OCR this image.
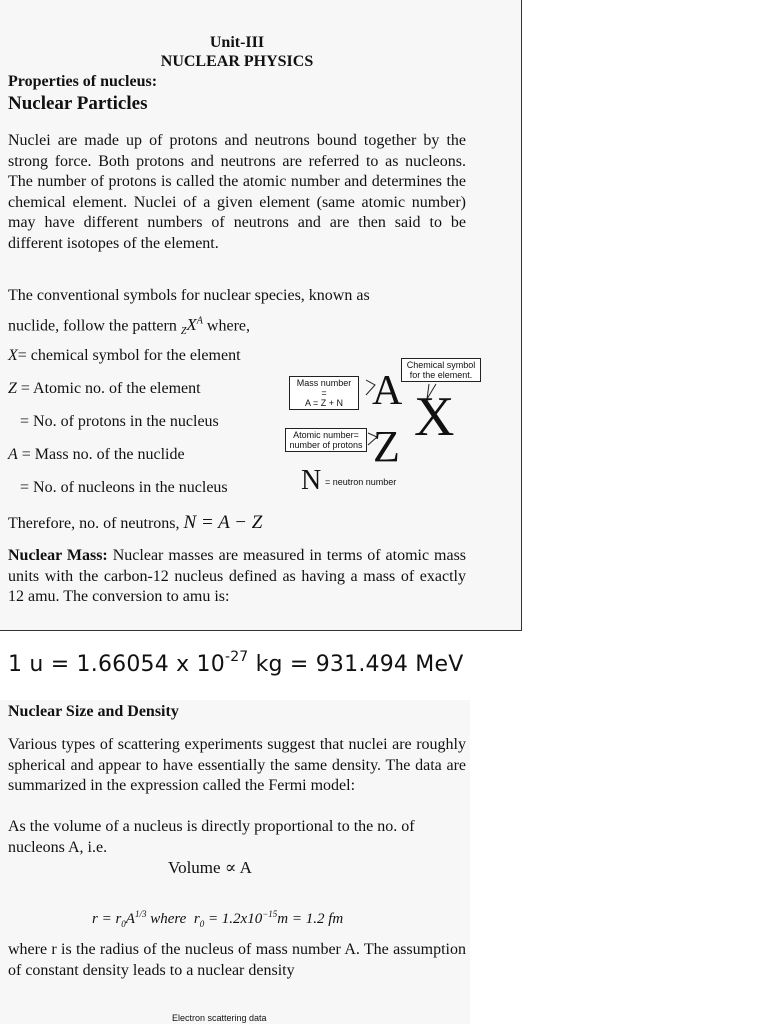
Unit-III
NUCLEAR PHYSICS
Properties of nucleus:
Nuclear Particles
Nuclei are made up of protons and neutrons bound together by the strong force. Both protons and neutrons are referred to as nucleons. The number of protons is called the atomic number and determines the chemical element. Nuclei of a given element (same atomic number) may have different numbers of neutrons and are then said to be different isotopes of the element.
The conventional symbols for nuclear species, known as
nuclide, follow the pattern $_ZX^A$ where,
X= chemical symbol for the element
Z = Atomic no. of the element
= No. of protons in the nucleus
A = Mass no. of the nuclide
= No. of nucleons in the nucleus
Chemical symbol for the element.
Mass number =
A = Z + N
Atomic number=
number of protons
A X
Z
N = neutron number
Therefore, no. of neutrons, N = A − Z
Nuclear Mass: Nuclear masses are measured in terms of atomic mass units with the carbon-12 nucleus defined as having a mass of exactly 12 amu. The conversion to amu is:
1 u = 1.66054 x $10^{-27}$ kg = 931.494 MeV
Nuclear Size and Density
Various types of scattering experiments suggest that nuclei are roughly spherical and appear to have essentially the same density. The data are summarized in the expression called the Fermi model:
As the volume of a nucleus is directly proportional to the no. of nucleons A, i.e.
Volume ∝ A
$r = r_0A^{1/3}$ where  $r_0 = 1.2x10^{-15}m = 1.2$ fm
where r is the radius of the nucleus of mass number A. The assumption of constant density leads to a nuclear density
Electron scattering data
